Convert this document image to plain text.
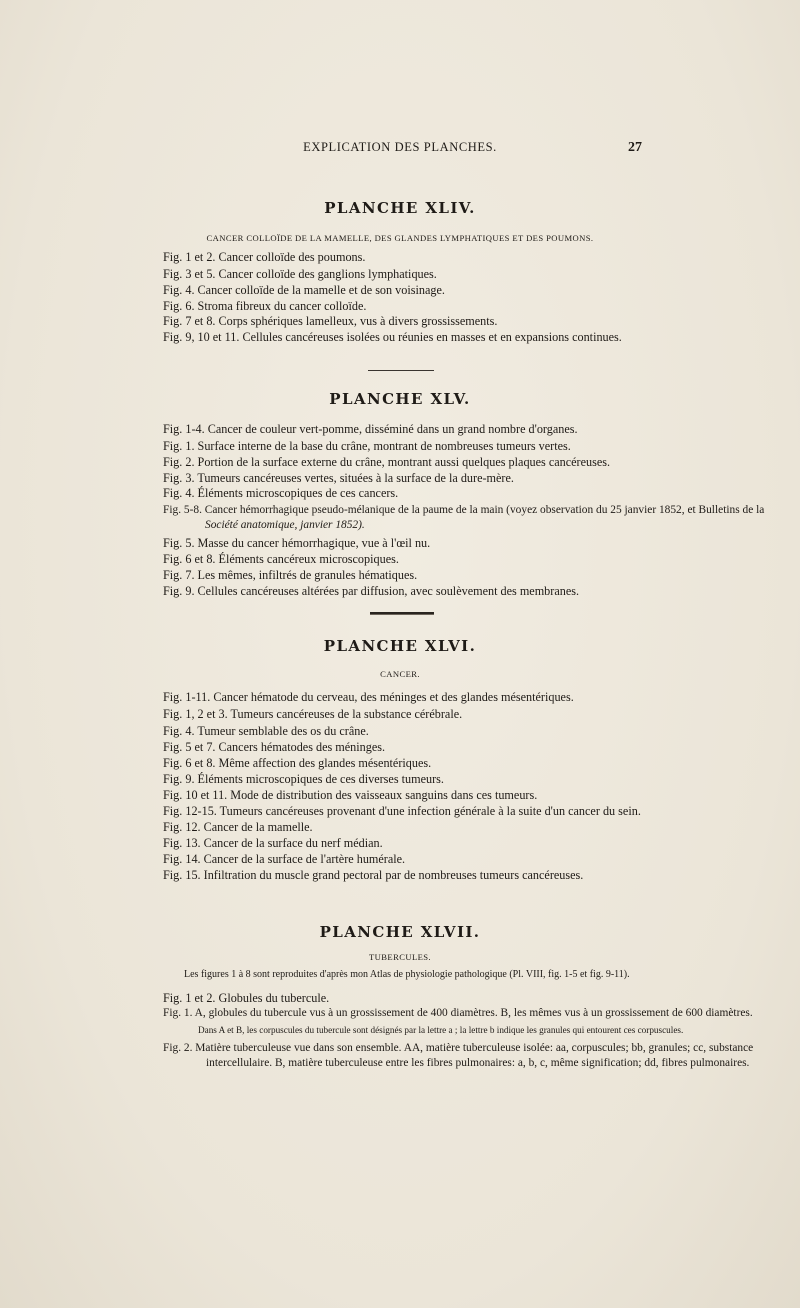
EXPLICATION DES PLANCHES.	27
PLANCHE XLIV.
CANCER COLLOÏDE DE LA MAMELLE, DES GLANDES LYMPHATIQUES ET DES POUMONS.
Fig. 1 et 2. Cancer colloïde des poumons.
Fig. 3 et 5. Cancer colloïde des ganglions lymphatiques.
Fig. 4. Cancer colloïde de la mamelle et de son voisinage.
Fig. 6. Stroma fibreux du cancer colloïde.
Fig. 7 et 8. Corps sphériques lamelleux, vus à divers grossissements.
Fig. 9, 10 et 11. Cellules cancéreuses isolées ou réunies en masses et en expansions continues.
PLANCHE XLV.
Fig. 1-4. Cancer de couleur vert-pomme, disséminé dans un grand nombre d'organes.
Fig. 1. Surface interne de la base du crâne, montrant de nombreuses tumeurs vertes.
Fig. 2. Portion de la surface externe du crâne, montrant aussi quelques plaques cancéreuses.
Fig. 3. Tumeurs cancéreuses vertes, situées à la surface de la dure-mère.
Fig. 4. Éléments microscopiques de ces cancers.
Fig. 5-8. Cancer hémorrhagique pseudo-mélanique de la paume de la main (voyez observation du 25 janvier 1852, et Bulletins de la
Société anatomique, janvier 1852).
Fig. 5. Masse du cancer hémorrhagique, vue à l'œil nu.
Fig. 6 et 8. Éléments cancéreux microscopiques.
Fig. 7. Les mêmes, infiltrés de granules hématiques.
Fig. 9. Cellules cancéreuses altérées par diffusion, avec soulèvement des membranes.
PLANCHE XLVI.
CANCER.
Fig. 1-11. Cancer hématode du cerveau, des méninges et des glandes mésentériques.
Fig. 1, 2 et 3. Tumeurs cancéreuses de la substance cérébrale.
Fig. 4. Tumeur semblable des os du crâne.
Fig. 5 et 7. Cancers hématodes des méninges.
Fig. 6 et 8. Même affection des glandes mésentériques.
Fig. 9. Éléments microscopiques de ces diverses tumeurs.
Fig. 10 et 11. Mode de distribution des vaisseaux sanguins dans ces tumeurs.
Fig. 12-15. Tumeurs cancéreuses provenant d'une infection générale à la suite d'un cancer du sein.
Fig. 12. Cancer de la mamelle.
Fig. 13. Cancer de la surface du nerf médian.
Fig. 14. Cancer de la surface de l'artère humérale.
Fig. 15. Infiltration du muscle grand pectoral par de nombreuses tumeurs cancéreuses.
PLANCHE XLVII.
TUBERCULES.
Les figures 1 à 8 sont reproduites d'après mon Atlas de physiologie pathologique (Pl. VIII, fig. 1-5 et fig. 9-11).
Fig. 1 et 2. Globules du tubercule.
Fig. 1. A, globules du tubercule vus à un grossissement de 400 diamètres. B, les mêmes vus à un grossissement de 600 diamètres.
Dans A et B, les corpuscules du tubercule sont désignés par la lettre a ; la lettre b indique les granules qui entourent ces corpuscules.
Fig. 2. Matière tuberculeuse vue dans son ensemble. AA, matière tuberculeuse isolée: aa, corpuscules; bb, granules; cc, substance
intercellulaire. B, matière tuberculeuse entre les fibres pulmonaires: a, b, c, même signification; dd, fibres pulmonaires.
